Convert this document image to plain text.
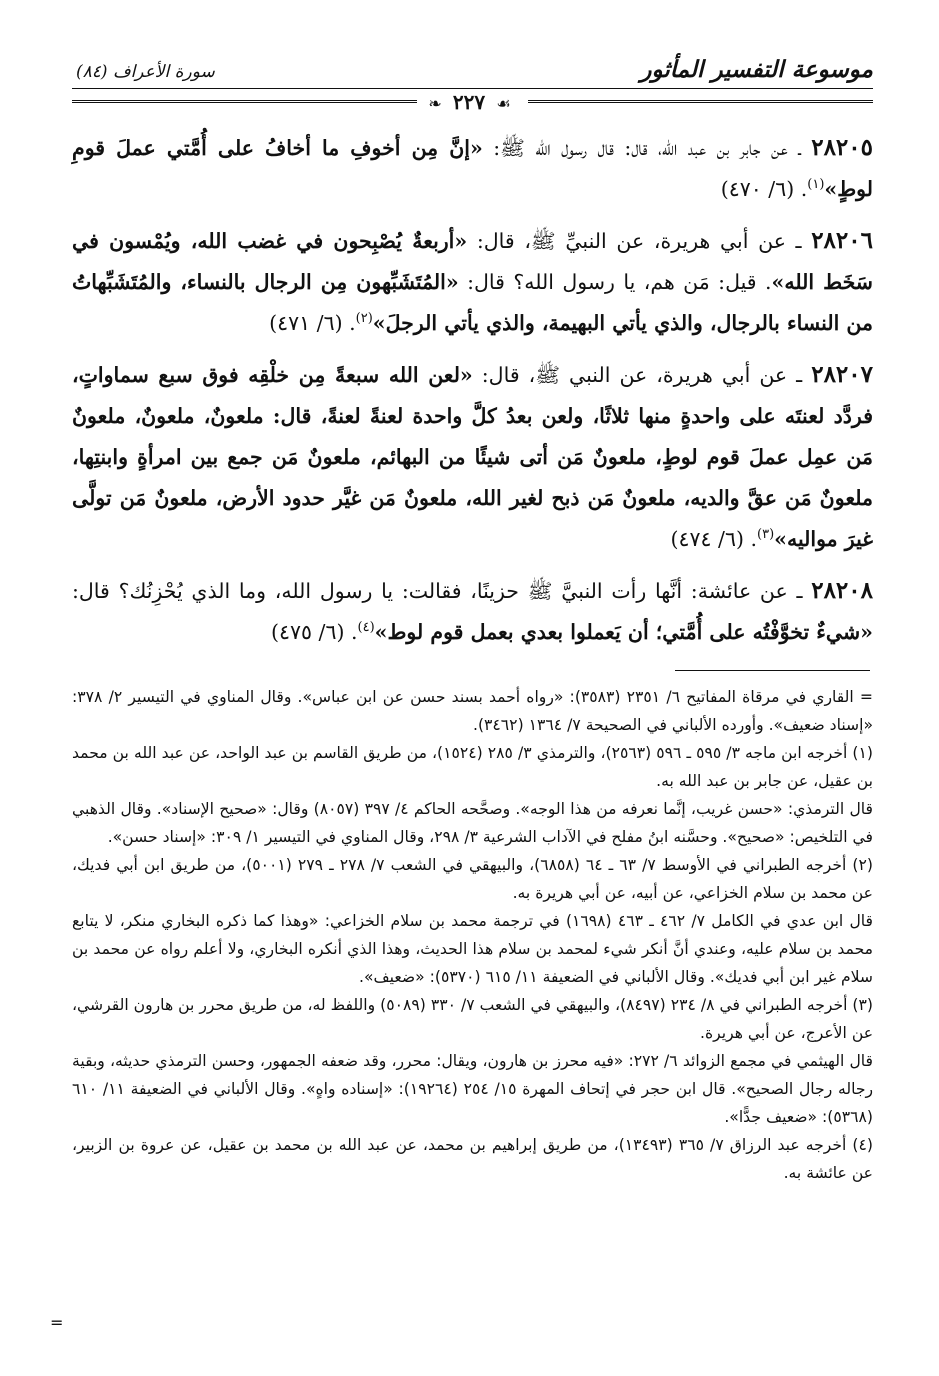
موسوعة التفسير المأثور
سورة الأعراف (٨٤)
☙ ٢٢٧ ❧

٢٨٢٠٥ ـ عن جابر بن عبد الله، قال: قال رسول الله ﷺ: «إنَّ مِن أخوفِ ما أخافُ على أُمَّتي عملَ قومِ لوطٍ»$^{(١)}$. (٦/ ٤٧٠)

٢٨٢٠٦ ـ عن أبي هريرة، عن النبيِّ ﷺ، قال: «أربعةٌ يُصْبِحون في غضب الله، ويُمْسون في سَخَط الله». قيل: مَن هم، يا رسول الله؟ قال: «المُتَشَبِّهون مِن الرجال بالنساء، والمُتَشَبِّهاتُ من النساء بالرجال، والذي يأتي البهيمة، والذي يأتي الرجلَ»$^{(٢)}$. (٦/ ٤٧١)

٢٨٢٠٧ ـ عن أبي هريرة، عن النبي ﷺ، قال: «لعن الله سبعةً مِن خلْقِه فوق سبع سماواتٍ، فردَّد لعنتَه على واحدةٍ منها ثلاثًا، ولعن بعدُ كلَّ واحدة لعنةً لعنةً، قال: ملعونٌ، ملعونٌ، ملعونٌ مَن عمِل عملَ قوم لوطٍ، ملعونٌ مَن أتى شيئًا من البهائم، ملعونٌ مَن جمع بين امرأةٍ وابنتِها، ملعونٌ مَن عقَّ والديه، ملعونٌ مَن ذبح لغير الله، ملعونٌ مَن غيَّر حدود الأرض، ملعونٌ مَن تولَّى غيرَ مواليه»$^{(٣)}$. (٦/ ٤٧٤)

٢٨٢٠٨ ـ عن عائشة: أنَّها رأت النبيَّ ﷺ حزينًا، فقالت: يا رسول الله، وما الذي يُحْزِنُك؟ قال: «شيءٌ تخوَّفْتُه على أُمَّتي؛ أن يَعملوا بعدي بعمل قوم لوط»$^{(٤)}$. (٦/ ٤٧٥)

= القاري في مرقاة المفاتيح ٦/ ٢٣٥١ (٣٥٨٣): «رواه أحمد بسند حسن عن ابن عباس». وقال المناوي في التيسير ٢/ ٣٧٨: «إسناد ضعيف». وأورده الألباني في الصحيحة ٧/ ١٣٦٤ (٣٤٦٢).

(١) أخرجه ابن ماجه ٣/ ٥٩٥ ـ ٥٩٦ (٢٥٦٣)، والترمذي ٣/ ٢٨٥ (١٥٢٤)، من طريق القاسم بن عبد الواحد، عن عبد الله بن محمد بن عقيل، عن جابر بن عبد الله به.

قال الترمذي: «حسن غريب، إنَّما نعرفه من هذا الوجه». وصحَّحه الحاكم ٤/ ٣٩٧ (٨٠٥٧) وقال: «صحيح الإسناد». وقال الذهبي في التلخيص: «صحيح». وحسَّنه ابنُ مفلح في الآداب الشرعية ٣/ ٢٩٨، وقال المناوي في التيسير ١/ ٣٠٩: «إسناد حسن».

(٢) أخرجه الطبراني في الأوسط ٧/ ٦٣ ـ ٦٤ (٦٨٥٨)، والبيهقي في الشعب ٧/ ٢٧٨ ـ ٢٧٩ (٥٠٠١)، من طريق ابن أبي فديك، عن محمد بن سلام الخزاعي، عن أبيه، عن أبي هريرة به.

قال ابن عدي في الكامل ٧/ ٤٦٢ ـ ٤٦٣ (١٦٩٨) في ترجمة محمد بن سلام الخزاعي: «وهذا كما ذكره البخاري منكر، لا يتابع محمد بن سلام عليه، وعندي أنَّ أنكر شيء لمحمد بن سلام هذا الحديث، وهذا الذي أنكره البخاري، ولا أعلم رواه عن محمد بن سلام غير ابن أبي فديك». وقال الألباني في الضعيفة ١١/ ٦١٥ (٥٣٧٠): «ضعيف».

(٣) أخرجه الطبراني في ٨/ ٢٣٤ (٨٤٩٧)، والبيهقي في الشعب ٧/ ٣٣٠ (٥٠٨٩) واللفظ له، من طريق محرر بن هارون القرشي، عن الأعرج، عن أبي هريرة.

قال الهيثمي في مجمع الزوائد ٦/ ٢٧٢: «فيه محرز بن هارون، ويقال: محرر، وقد ضعفه الجمهور، وحسن الترمذي حديثه، وبقية رجاله رجال الصحيح». قال ابن حجر في إتحاف المهرة ١٥/ ٢٥٤ (١٩٢٦٤): «إسناده واهٍ». وقال الألباني في الضعيفة ١١/ ٦١٠ (٥٣٦٨): «ضعيف جدًّا».

(٤) أخرجه عبد الرزاق ٧/ ٣٦٥ (١٣٤٩٣)، من طريق إبراهيم بن محمد، عن عبد الله بن محمد بن عقيل، عن عروة بن الزبير، عن عائشة به.

=
